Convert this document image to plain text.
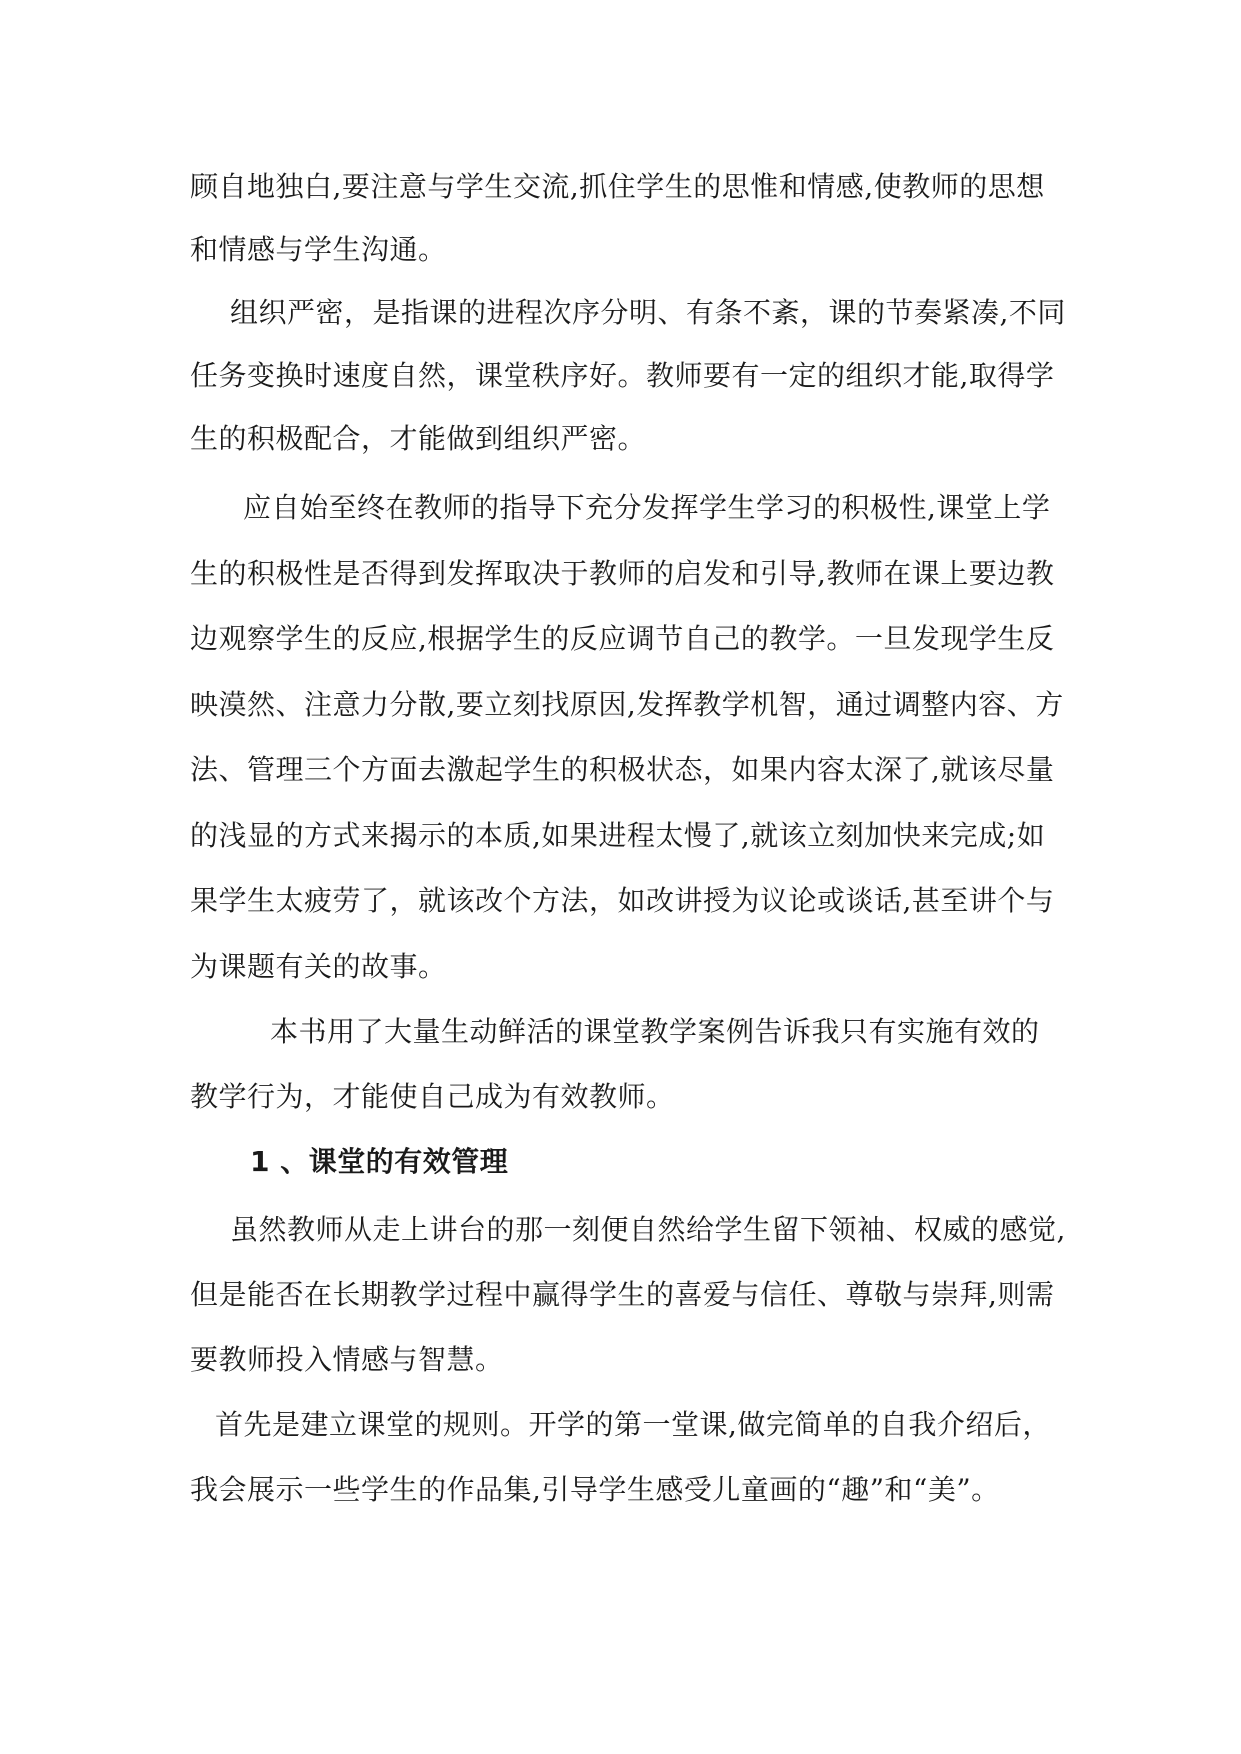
顾自地独白,要注意与学生交流,抓住学生的思惟和情感,使教师的思想
和情感与学生沟通。
组织严密，是指课的进程次序分明、有条不紊，课的节奏紧凑,不同
任务变换时速度自然，课堂秩序好。教师要有一定的组织才能,取得学
生的积极配合，才能做到组织严密。
应自始至终在教师的指导下充分发挥学生学习的积极性,课堂上学
生的积极性是否得到发挥取决于教师的启发和引导,教师在课上要边教
边观察学生的反应,根据学生的反应调节自己的教学。一旦发现学生反
映漠然、注意力分散,要立刻找原因,发挥教学机智，通过调整内容、方
法、管理三个方面去激起学生的积极状态，如果内容太深了,就该尽量
的浅显的方式来揭示的本质,如果进程太慢了,就该立刻加快来完成;如
果学生太疲劳了，就该改个方法，如改讲授为议论或谈话,甚至讲个与
为课题有关的故事。
本书用了大量生动鲜活的课堂教学案例告诉我只有实施有效的
教学行为，才能使自己成为有效教师。
1 、课堂的有效管理
虽然教师从走上讲台的那一刻便自然给学生留下领袖、权威的感觉,
但是能否在长期教学过程中赢得学生的喜爱与信任、尊敬与崇拜,则需
要教师投入情感与智慧。
首先是建立课堂的规则。开学的第一堂课,做完简单的自我介绍后，
我会展示一些学生的作品集,引导学生感受儿童画的“趣”和“美”。
